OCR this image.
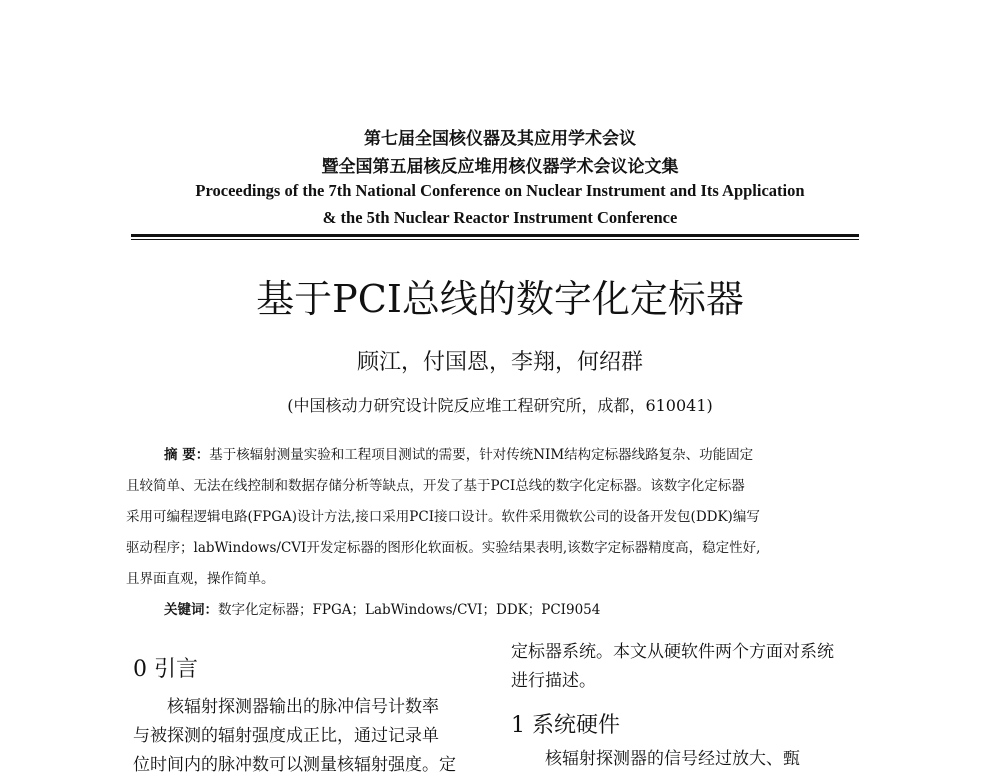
第七届全国核仪器及其应用学术会议
暨全国第五届核反应堆用核仪器学术会议论文集
Proceedings of the 7th National Conference on Nuclear Instrument and Its Application
& the 5th Nuclear Reactor Instrument Conference
基于PCI总线的数字化定标器
顾江，付国恩，李翔，何绍群
(中国核动力研究设计院反应堆工程研究所，成都，610041)
摘 要：基于核辐射测量实验和工程项目测试的需要，针对传统NIM结构定标器线路复杂、功能固定
且较简单、无法在线控制和数据存储分析等缺点，开发了基于PCI总线的数字化定标器。该数字化定标器
采用可编程逻辑电路(FPGA)设计方法,接口采用PCI接口设计。软件采用微软公司的设备开发包(DDK)编写
驱动程序；labWindows/CVI开发定标器的图形化软面板。实验结果表明,该数字定标器精度高，稳定性好,
且界面直观，操作简单。
关键词：数字化定标器；FPGA；LabWindows/CVI；DDK；PCI9054
0 引言
核辐射探测器输出的脉冲信号计数率
与被探测的辐射强度成正比，通过记录单
位时间内的脉冲数可以测量核辐射强度。定
定标器系统。本文从硬软件两个方面对系统
进行描述。
1 系统硬件
核辐射探测器的信号经过放大、甄
